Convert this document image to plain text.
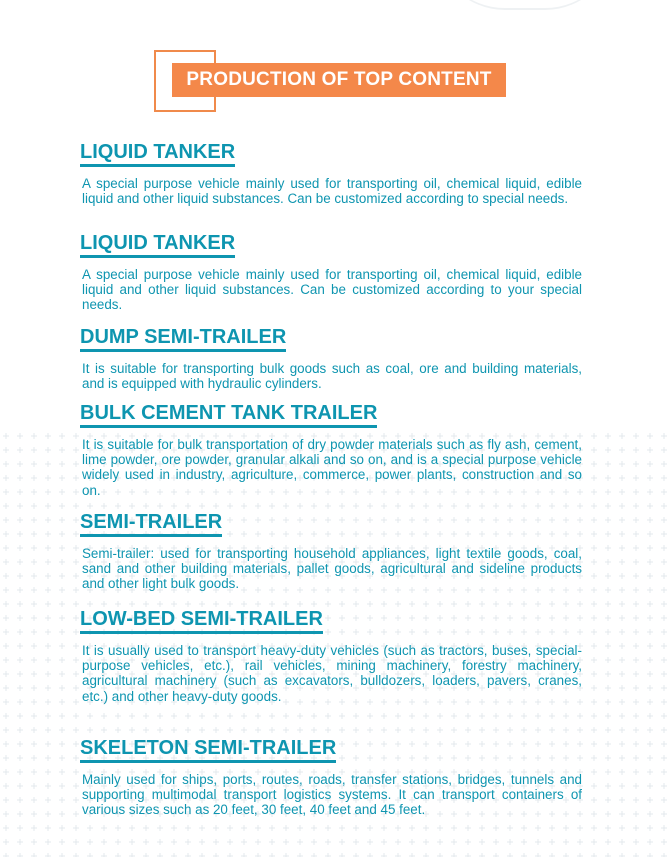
PRODUCTION OF TOP CONTENT
LIQUID TANKER
A special purpose vehicle mainly used for transporting oil, chemical liquid, edible liquid and other liquid substances. Can be customized according to special needs.
LIQUID TANKER
A special purpose vehicle mainly used for transporting oil, chemical liquid, edible liquid and other liquid substances. Can be customized according to your special needs.
DUMP SEMI-TRAILER
It is suitable for transporting bulk goods such as coal, ore and building materials, and is equipped with hydraulic cylinders.
BULK CEMENT TANK TRAILER
It is suitable for bulk transportation of dry powder materials such as fly ash, cement, lime powder, ore powder, granular alkali and so on, and is a special purpose vehicle widely used in industry, agriculture, commerce, power plants, construction and so on.
SEMI-TRAILER
Semi-trailer: used for transporting household appliances, light textile goods, coal, sand and other building materials, pallet goods, agricultural and sideline products and other light bulk goods.
LOW-BED SEMI-TRAILER
It is usually used to transport heavy-duty vehicles (such as tractors, buses, special-purpose vehicles, etc.), rail vehicles, mining machinery, forestry machinery, agricultural machinery (such as excavators, bulldozers, loaders, pavers, cranes, etc.) and other heavy-duty goods.
SKELETON SEMI-TRAILER
Mainly used for ships, ports, routes, roads, transfer stations, bridges, tunnels and supporting multimodal transport logistics systems. It can transport containers of various sizes such as 20 feet, 30 feet, 40 feet and 45 feet.
